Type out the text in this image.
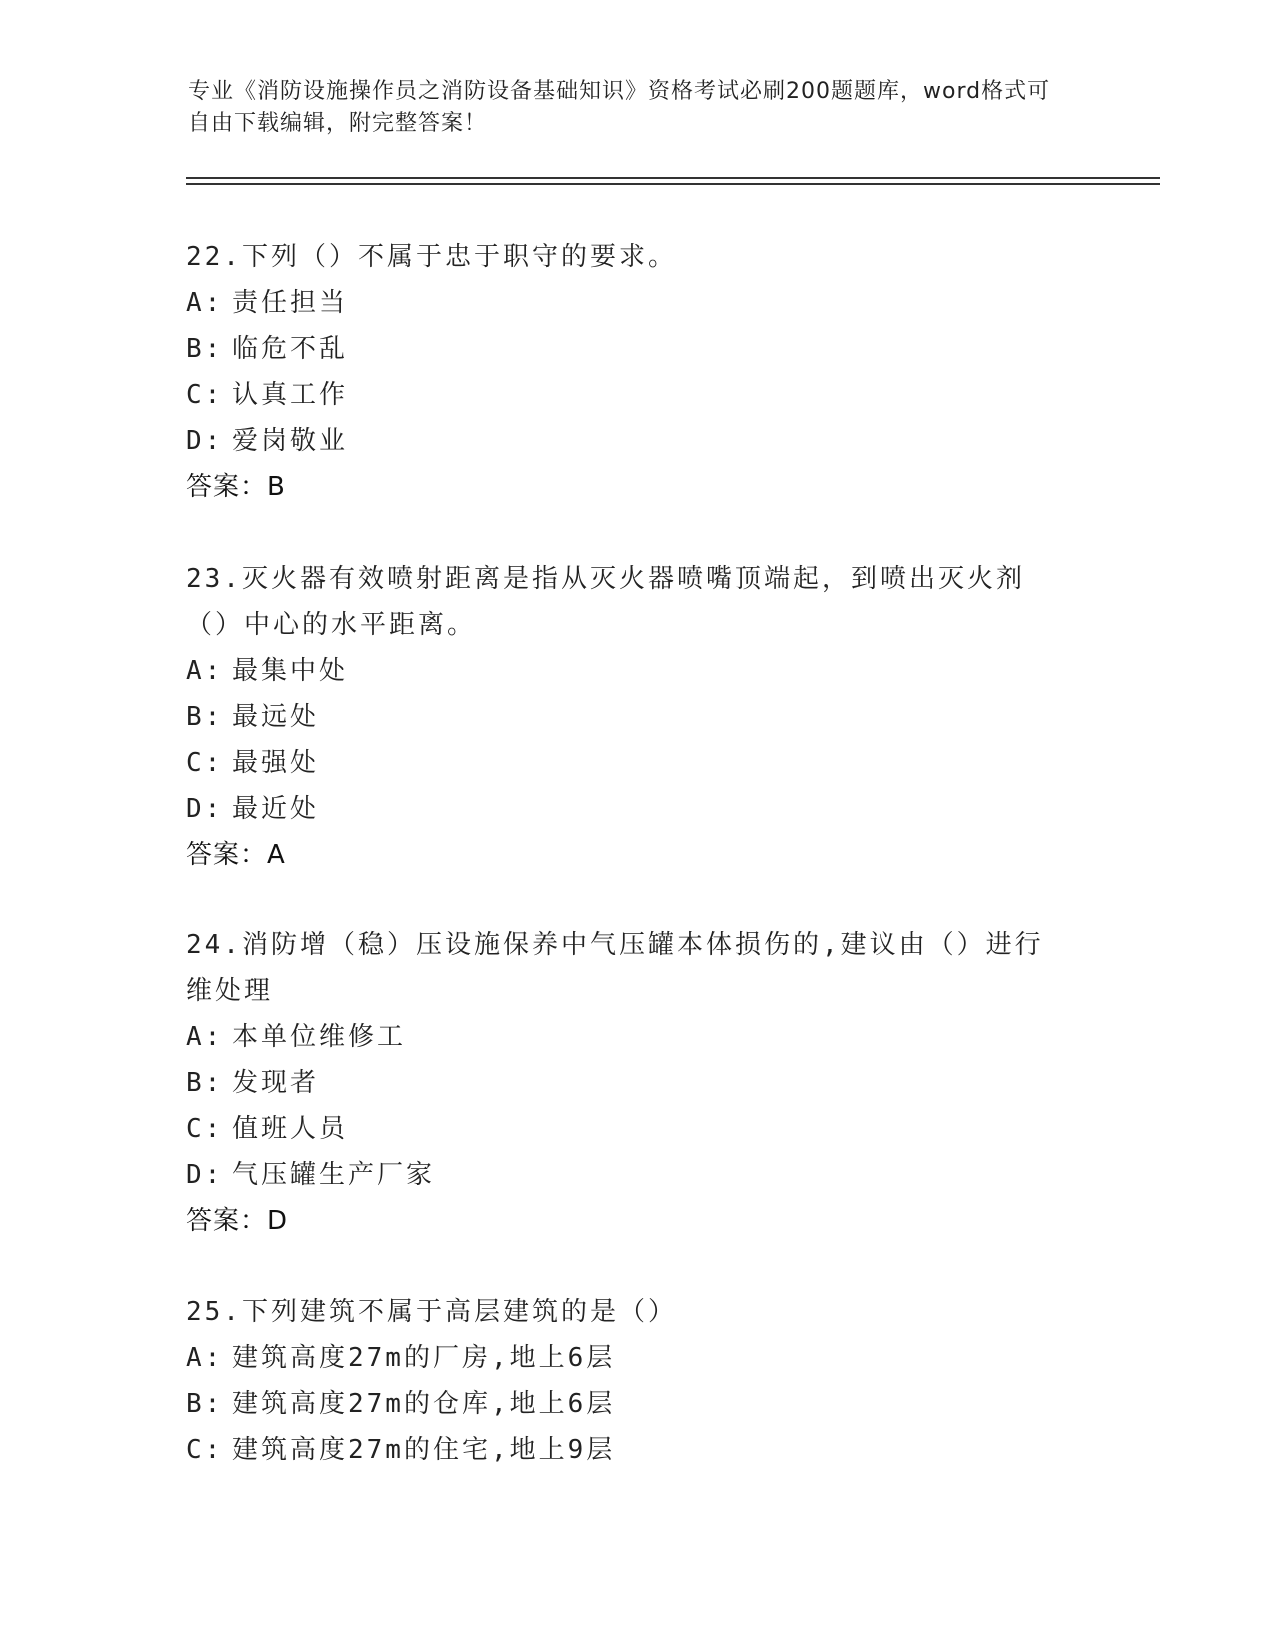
专业《消防设施操作员之消防设备基础知识》资格考试必刷200题题库，word格式可自由下载编辑，附完整答案！

22.下列（）不属于忠于职守的要求。

A: 责任担当

B: 临危不乱

C: 认真工作

D: 爱岗敬业

答案：B

23.灭火器有效喷射距离是指从灭火器喷嘴顶端起，到喷出灭火剂（）中心的水平距离。

A: 最集中处

B: 最远处

C: 最强处

D: 最近处

答案：A

24.消防增（稳）压设施保养中气压罐本体损伤的,建议由（）进行维处理

A: 本单位维修工

B: 发现者

C: 值班人员

D: 气压罐生产厂家

答案：D

25.下列建筑不属于高层建筑的是（）

A: 建筑高度27m的厂房,地上6层

B: 建筑高度27m的仓库,地上6层

C: 建筑高度27m的住宅,地上9层
